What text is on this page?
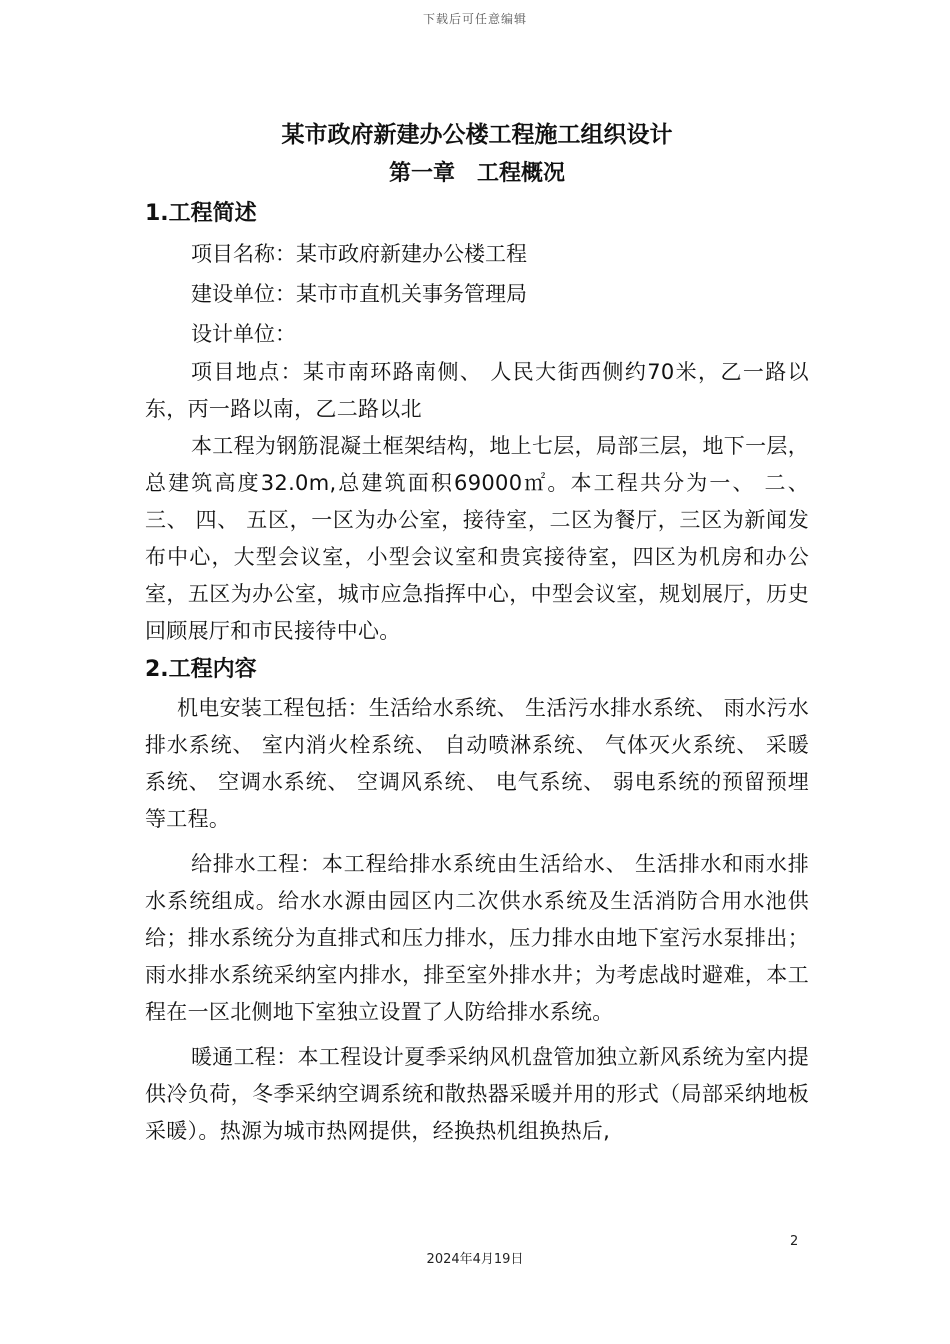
下载后可任意编辑
某市政府新建办公楼工程施工组织设计
第一章　工程概况
1.工程简述

项目名称：某市政府新建办公楼工程

建设单位：某市市直机关事务管理局

设计单位：

项目地点：某市南环路南侧、 人民大街西侧约70米，乙一路以东，丙一路以南，乙二路以北

本工程为钢筋混凝土框架结构，地上七层，局部三层，地下一层，总建筑高度32.0m,总建筑面积69000㎡。本工程共分为一、 二、 三、 四、 五区，一区为办公室，接待室，二区为餐厅，三区为新闻发布中心，大型会议室，小型会议室和贵宾接待室，四区为机房和办公室，五区为办公室，城市应急指挥中心，中型会议室，规划展厅，历史回顾展厅和市民接待中心。

2.工程内容

机电安装工程包括：生活给水系统、 生活污水排水系统、 雨水污水排水系统、 室内消火栓系统、 自动喷淋系统、 气体灭火系统、 采暖系统、 空调水系统、 空调风系统、 电气系统、 弱电系统的预留预埋等工程。

给排水工程：本工程给排水系统由生活给水、 生活排水和雨水排水系统组成。给水水源由园区内二次供水系统及生活消防合用水池供给；排水系统分为直排式和压力排水，压力排水由地下室污水泵排出；雨水排水系统采纳室内排水，排至室外排水井；为考虑战时避难，本工程在一区北侧地下室独立设置了人防给排水系统。

暖通工程：本工程设计夏季采纳风机盘管加独立新风系统为室内提供冷负荷，冬季采纳空调系统和散热器采暖并用的形式（局部采纳地板采暖）。热源为城市热网提供，经换热机组换热后,

2
2024年4月19日
